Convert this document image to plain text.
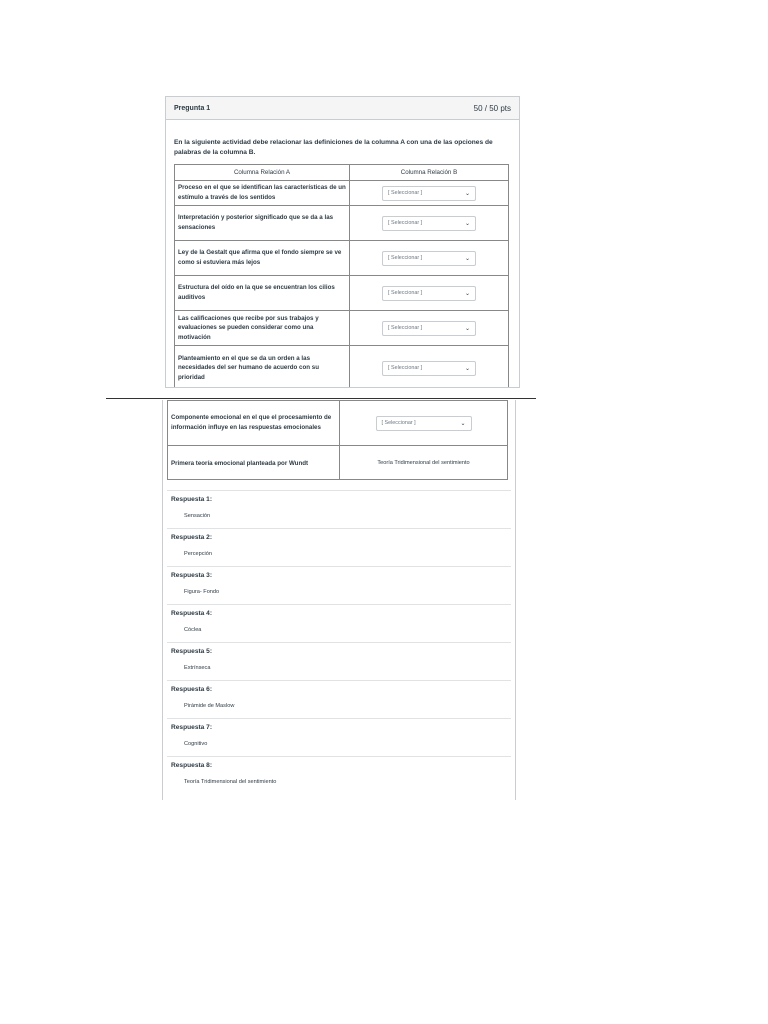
Pregunta 1	50 / 50 pts
En la siguiente actividad debe relacionar las definiciones de la columna A con una de las opciones de palabras de la columna B.
Columna Relación A	Columna Relación B
Proceso en el que se identifican las características de un estímulo a través de los sentidos	[ Seleccionar ] ⌄

Interpretación y posterior significado que se da a las sensaciones	[ Seleccionar ] ⌄

Ley de la Gestalt que afirma que el fondo siempre se ve como si estuviera más lejos	[ Seleccionar ] ⌄

Estructura del oído en la que se encuentran los cilios auditivos	[ Seleccionar ] ⌄

Las calificaciones que recibe por sus trabajos y evaluaciones se pueden considerar como una motivación	[ Seleccionar ] ⌄

Planteamiento en el que se da un orden a las necesidades del ser humano de acuerdo con su prioridad	[ Seleccionar ] ⌄
Componente emocional en el que el procesamiento de información influye en las respuestas emocionales	[ Seleccionar ] ⌄

Primera teoría emocional planteada por Wundt	Teoría Tridimensional del sentimiento
Respuesta 1:
Sensación
Respuesta 2:
Percepción
Respuesta 3:
Figura- Fondo
Respuesta 4:
Cóclea
Respuesta 5:
Extrínseca
Respuesta 6:
Pirámide de Maslow
Respuesta 7:
Cognitivo
Respuesta 8:
Teoría Tridimensional del sentimiento
